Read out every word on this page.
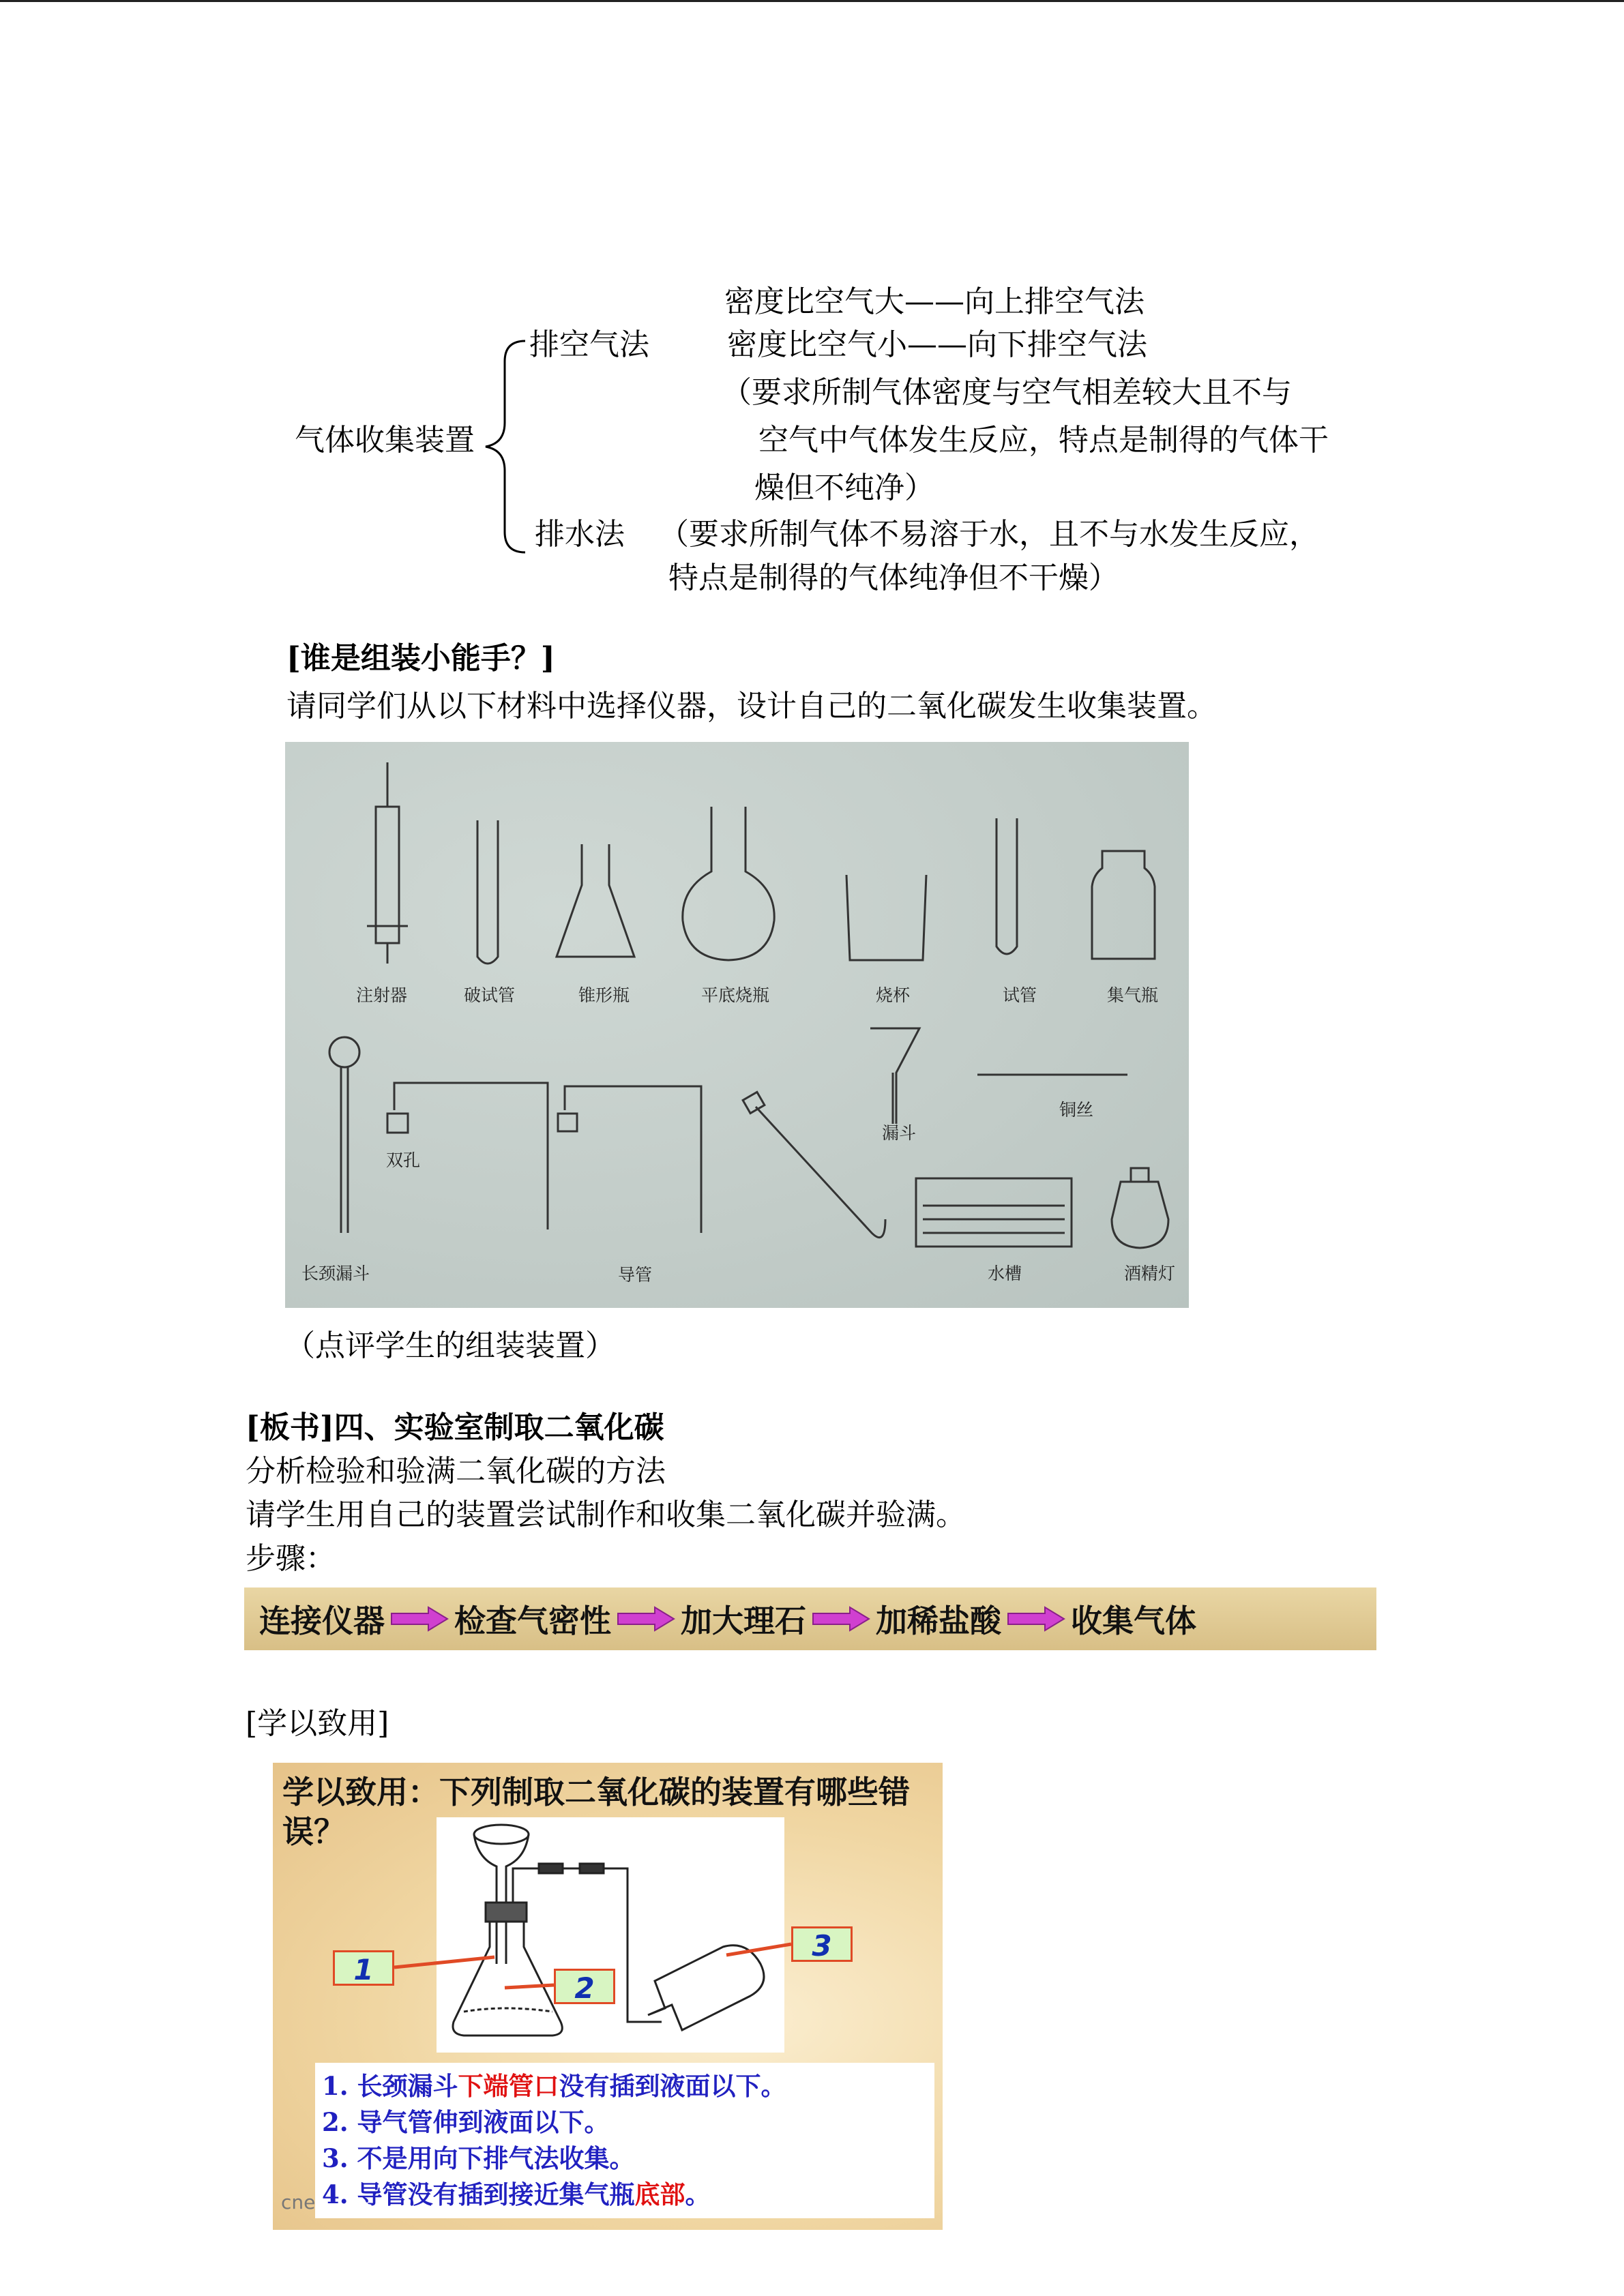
密度比空气大——向上排空气法
排空气法	密度比空气小——向下排空气法
（要求所制气体密度与空气相差较大且不与
气体收集装置	空气中气体发生反应，特点是制得的气体干
燥但不纯净）
排水法 （要求所制气体不易溶于水，且不与水发生反应，
特点是制得的气体纯净但不干燥）
[谁是组装小能手？]
请同学们从以下材料中选择仪器，设计自己的二氧化碳发生收集装置。
注射器	破试管	锥形瓶	平底烧瓶	烧杯	试管	集气瓶
漏斗
铜丝
双孔
长颈漏斗	导管	水槽	酒精灯
（点评学生的组装装置）
[板书]四、实验室制取二氧化碳
分析检验和验满二氧化碳的方法
请学生用自己的装置尝试制作和收集二氧化碳并验满。
步骤：
连接仪器 检查气密性 加大理石 加稀盐酸 收集气体
[学以致用]
学以致用：下列制取二氧化碳的装置有哪些错误？
1
2
3
1. 长颈漏斗下端管口没有插到液面以下。
2. 导气管伸到液面以下。
3. 不是用向下排气法收集。
4. 导管没有插到接近集气瓶底部。
cne
